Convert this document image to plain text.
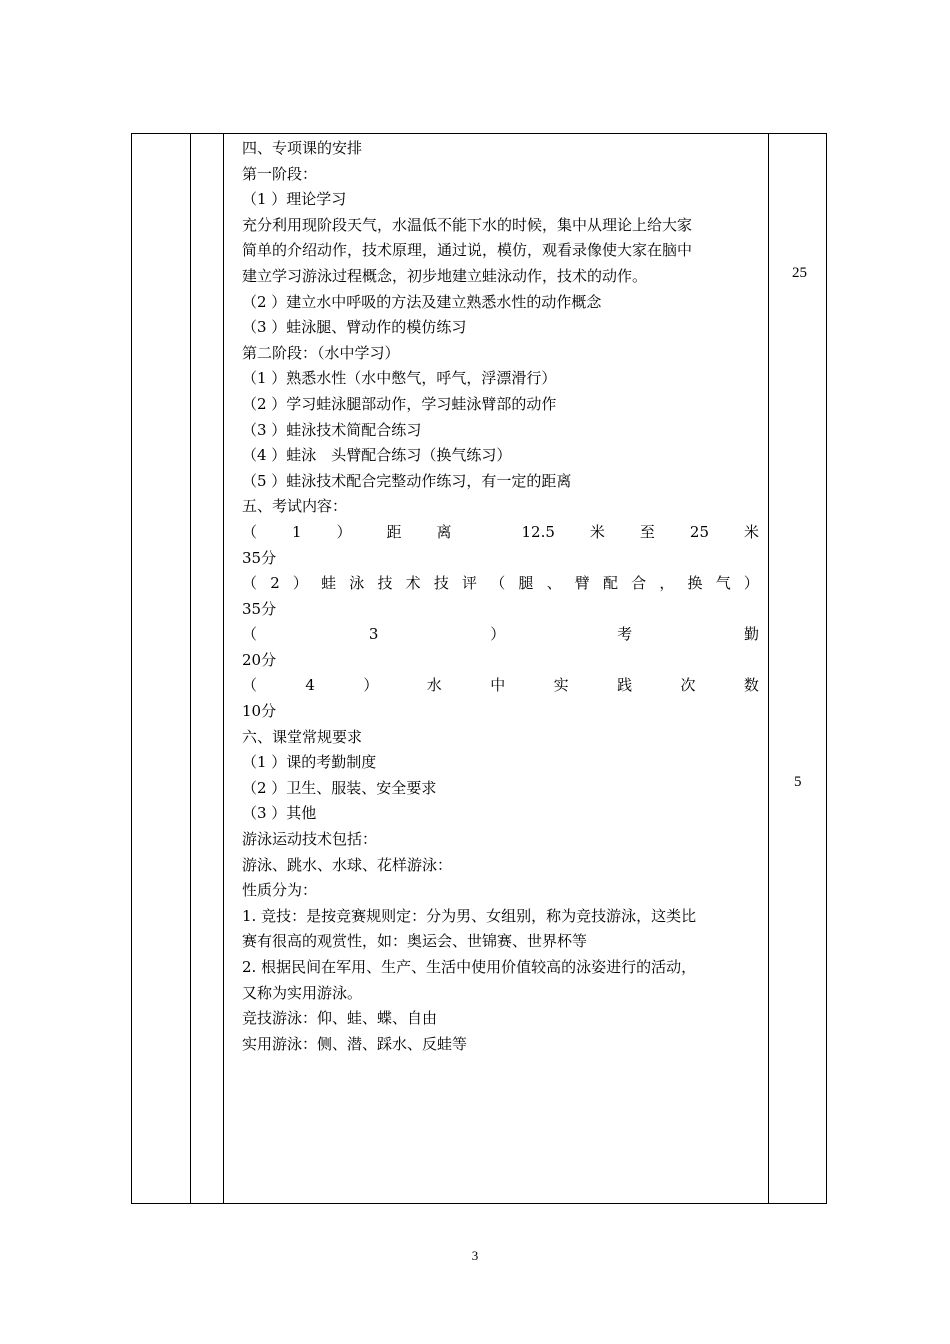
四、专项课的安排
第一阶段：
（1 ）理论学习
充分利用现阶段天气，水温低不能下水的时候，集中从理论上给大家
简单的介绍动作，技术原理，通过说，模仿，观看录像使大家在脑中
建立学习游泳过程概念，初步地建立蛙泳动作，技术的动作。
（2 ）建立水中呼吸的方法及建立熟悉水性的动作概念
（3 ）蛙泳腿、臂动作的模仿练习
第二阶段：（水中学习）
（1 ）熟悉水性（水中憋气，呼气，浮漂滑行）
（2 ）学习蛙泳腿部动作，学习蛙泳臂部的动作
（3 ）蛙泳技术简配合练习
（4 ）蛙泳　头臂配合练习（换气练习）
（5 ）蛙泳技术配合完整动作练习，有一定的距离
五、考试内容：
（ 1 ） 距 离	12.5 米 至 25 米
35分
（ 2 ） 蛙 泳 技 术 技 评 （ 腿 、 臂 配 合 ， 换 气 ）
35分
（	3	）	考	勤
20分
（	4	）	水	中	实	践	次	数
10分
六、课堂常规要求
（1 ）课的考勤制度
（2 ）卫生、服装、安全要求
（3 ）其他
游泳运动技术包括：
游泳、跳水、水球、花样游泳：
性质分为：
1. 竞技：是按竞赛规则定：分为男、女组别，称为竞技游泳，这类比
赛有很高的观赏性，如：奥运会、世锦赛、世界杯等
2. 根据民间在军用、生产、生活中使用价值较高的泳姿进行的活动，
又称为实用游泳。
竞技游泳：仰、蛙、蝶、自由
实用游泳：侧、潜、踩水、反蛙等
25
5
3
